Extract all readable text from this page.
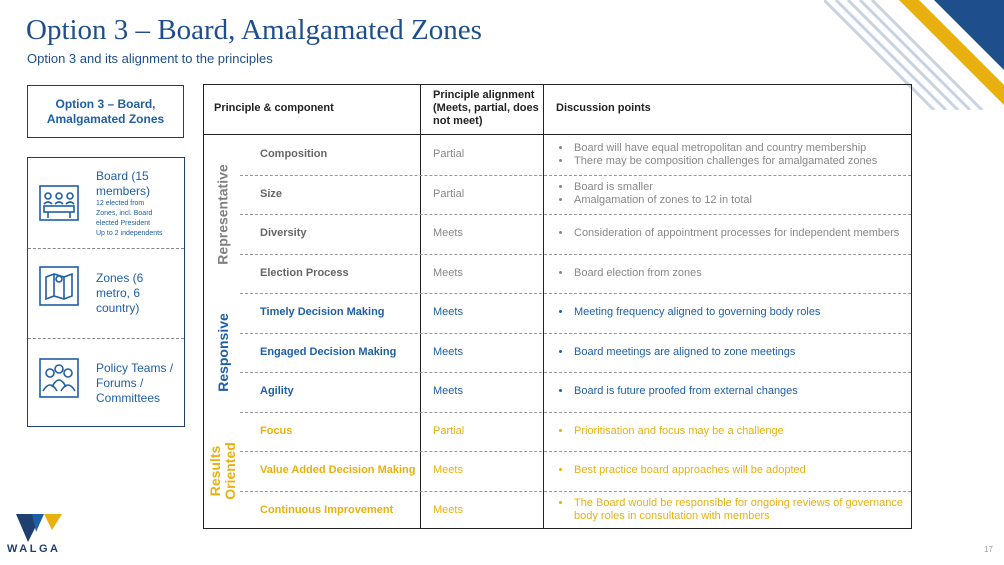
Option 3 – Board, Amalgamated Zones
Option 3 and its alignment to the principles
Option 3 – Board, Amalgamated Zones
Board (15 members)
12 elected from
Zones, incl. Board
elected President
Up to 2 independents
Zones (6 metro, 6 country)
Policy Teams / Forums / Committees
Principle & component
Principle alignment (Meets, partial, does not meet)
Discussion points
Representative
Responsive
Results Oriented
Composition	Partial
• Board will have equal metropolitan and country membership
• There may be composition challenges for amalgamated zones
Size	Partial
• Board is smaller
• Amalgamation of zones to 12 in total
Diversity	Meets	• Consideration of appointment processes for independent members
Election Process	Meets	• Board election from zones
Timely Decision Making	Meets	• Meeting frequency aligned to governing body roles
Engaged Decision Making	Meets	• Board meetings are aligned to zone meetings
Agility	Meets	• Board is future proofed from external changes
Focus	Partial	• Prioritisation and focus may be a challenge
Value Added Decision Making	Meets	• Best practice board approaches will be adopted
Continuous Improvement	Meets
• The Board would be responsible for ongoing reviews of governance body roles in consultation with members
WALGA	17
